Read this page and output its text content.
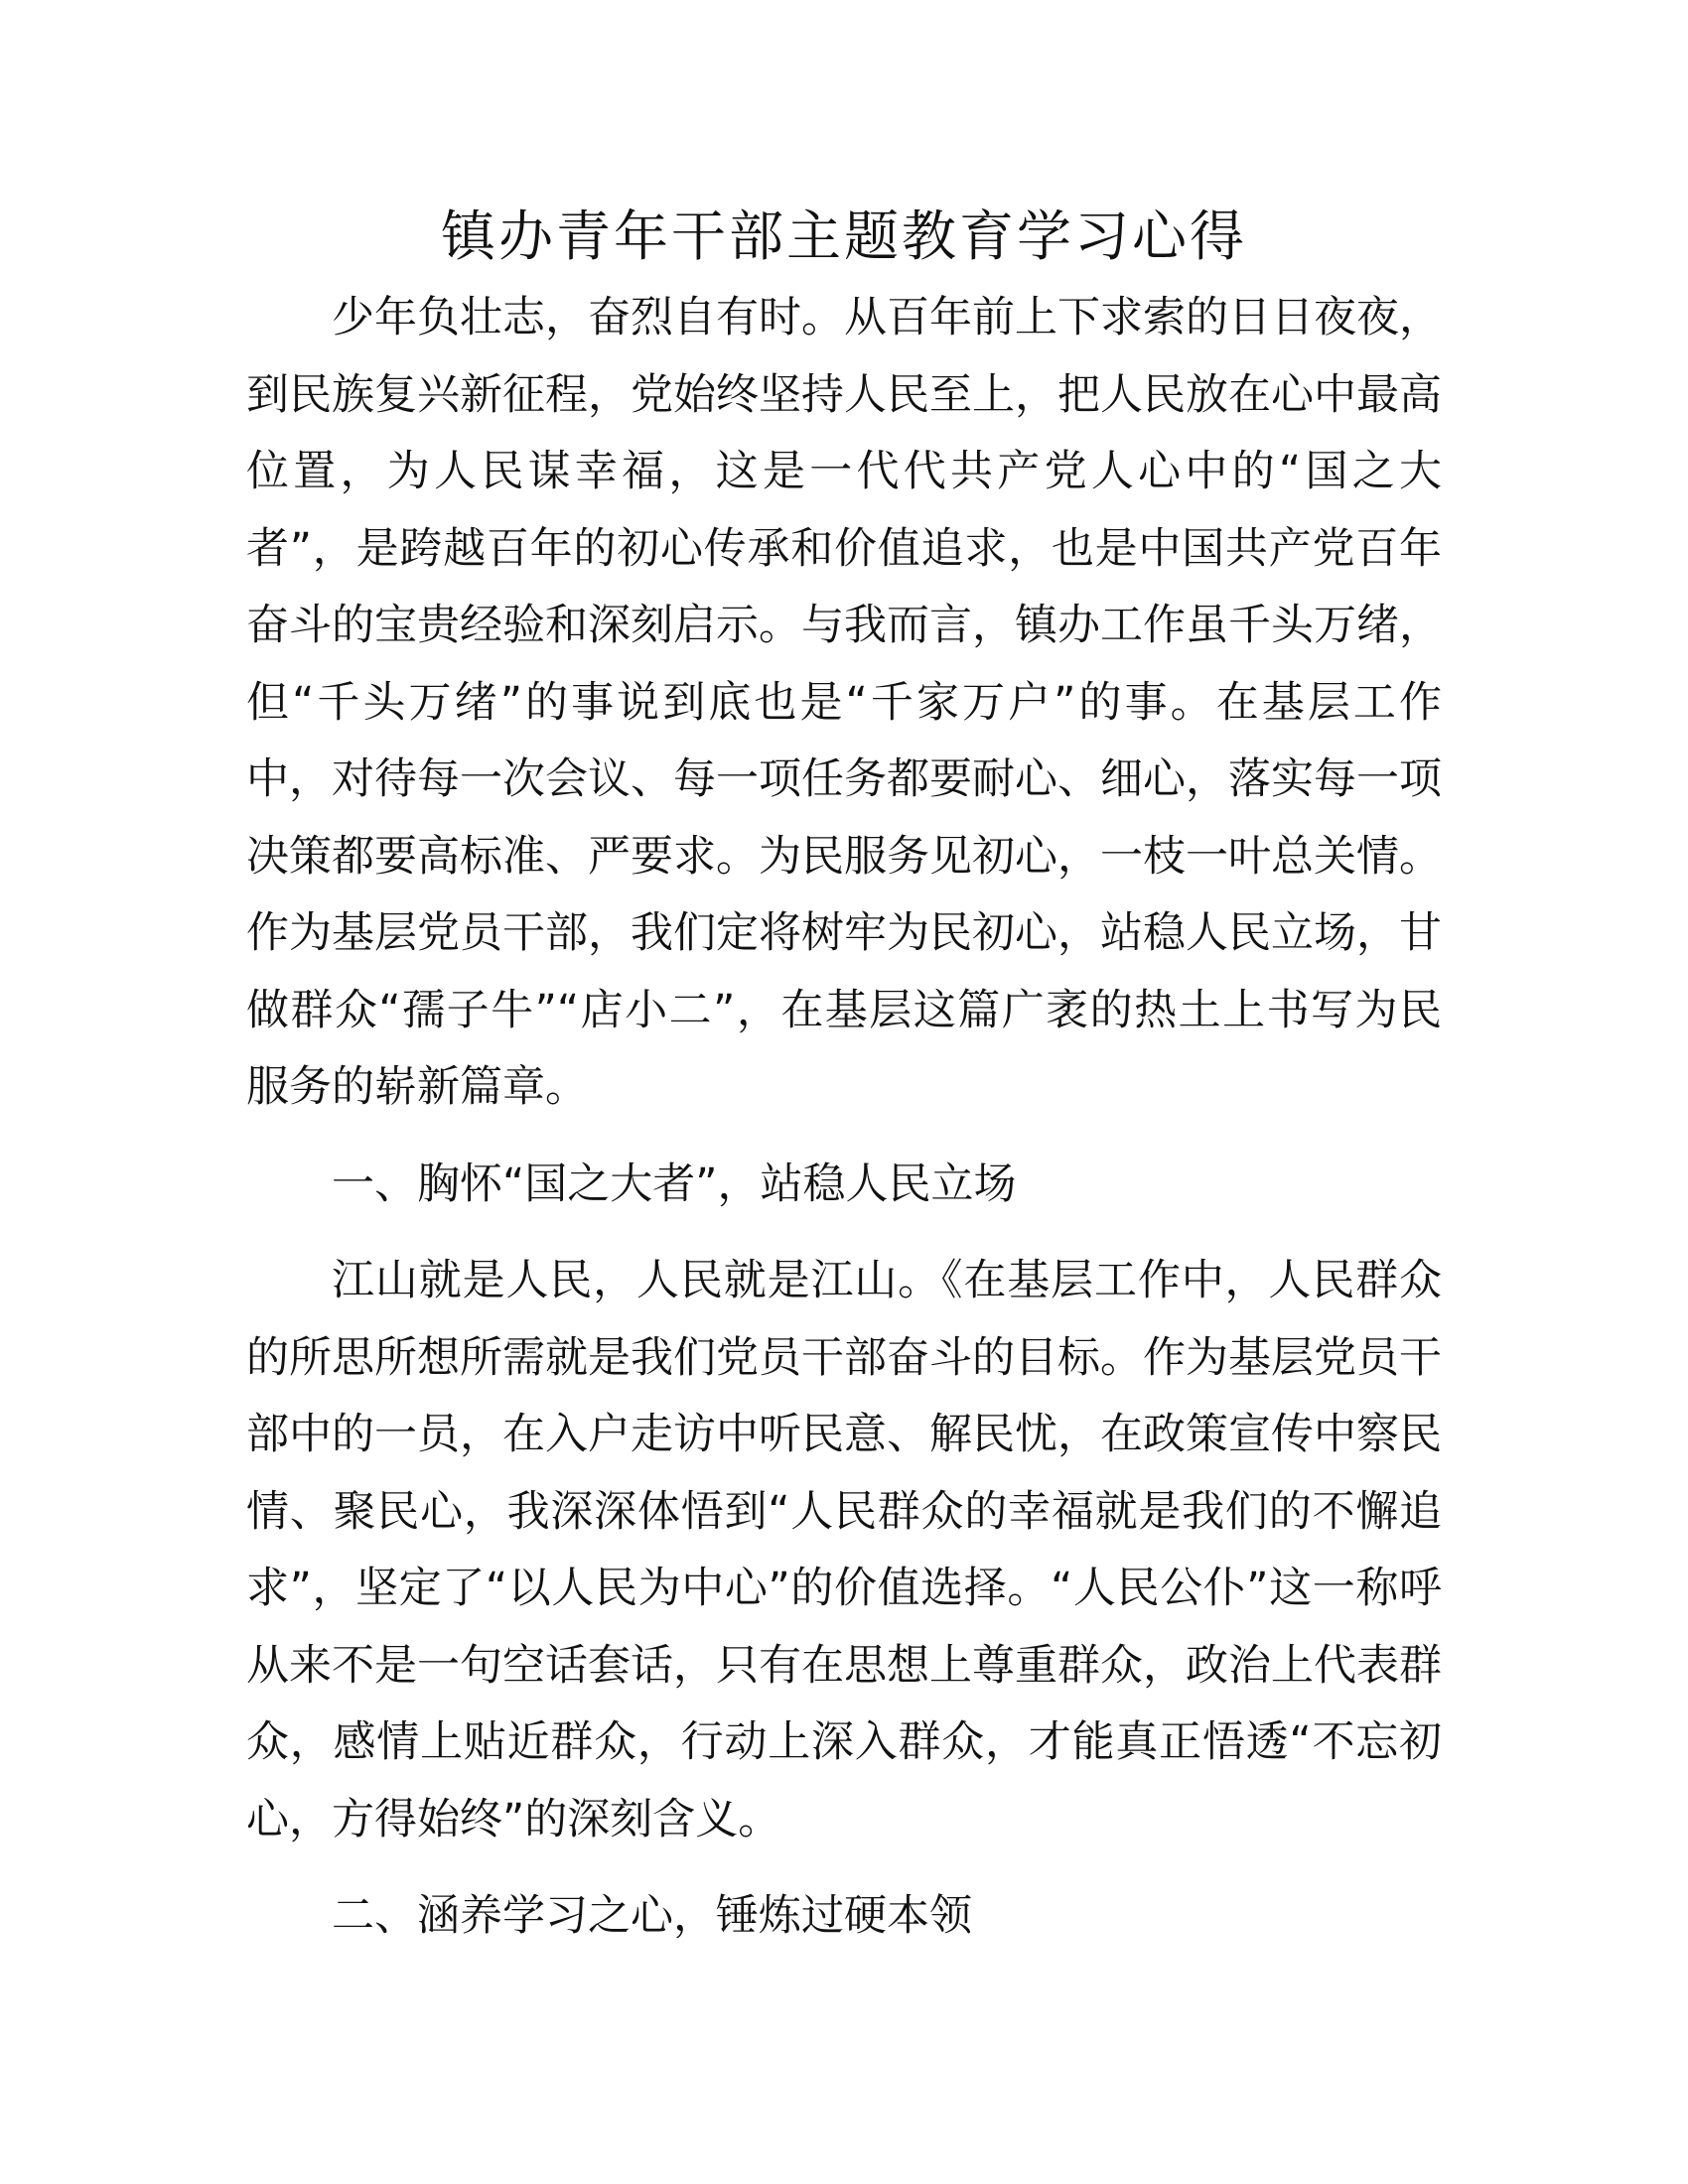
镇办青年干部主题教育学习心得

少年负壮志，奋烈自有时。从百年前上下求索的日日夜夜，到民族复兴新征程，党始终坚持人民至上，把人民放在心中最高位置，为人民谋幸福，这是一代代共产党人心中的“国之大者”，是跨越百年的初心传承和价值追求，也是中国共产党百年奋斗的宝贵经验和深刻启示。与我而言，镇办工作虽千头万绪，但“千头万绪”的事说到底也是“千家万户”的事。在基层工作中，对待每一次会议、每一项任务都要耐心、细心，落实每一项决策都要高标准、严要求。为民服务见初心，一枝一叶总关情。作为基层党员干部，我们定将树牢为民初心，站稳人民立场，甘做群众“孺子牛”“店小二”，在基层这篇广袤的热土上书写为民服务的崭新篇章。

一、胸怀“国之大者”，站稳人民立场

江山就是人民，人民就是江山。《在基层工作中，人民群众的所思所想所需就是我们党员干部奋斗的目标。作为基层党员干部中的一员，在入户走访中听民意、解民忧，在政策宣传中察民情、聚民心，我深深体悟到“人民群众的幸福就是我们的不懈追求”，坚定了“以人民为中心”的价值选择。“人民公仆”这一称呼从来不是一句空话套话，只有在思想上尊重群众，政治上代表群众，感情上贴近群众，行动上深入群众，才能真正悟透“不忘初心，方得始终”的深刻含义。

二、涵养学习之心，锤炼过硬本领
